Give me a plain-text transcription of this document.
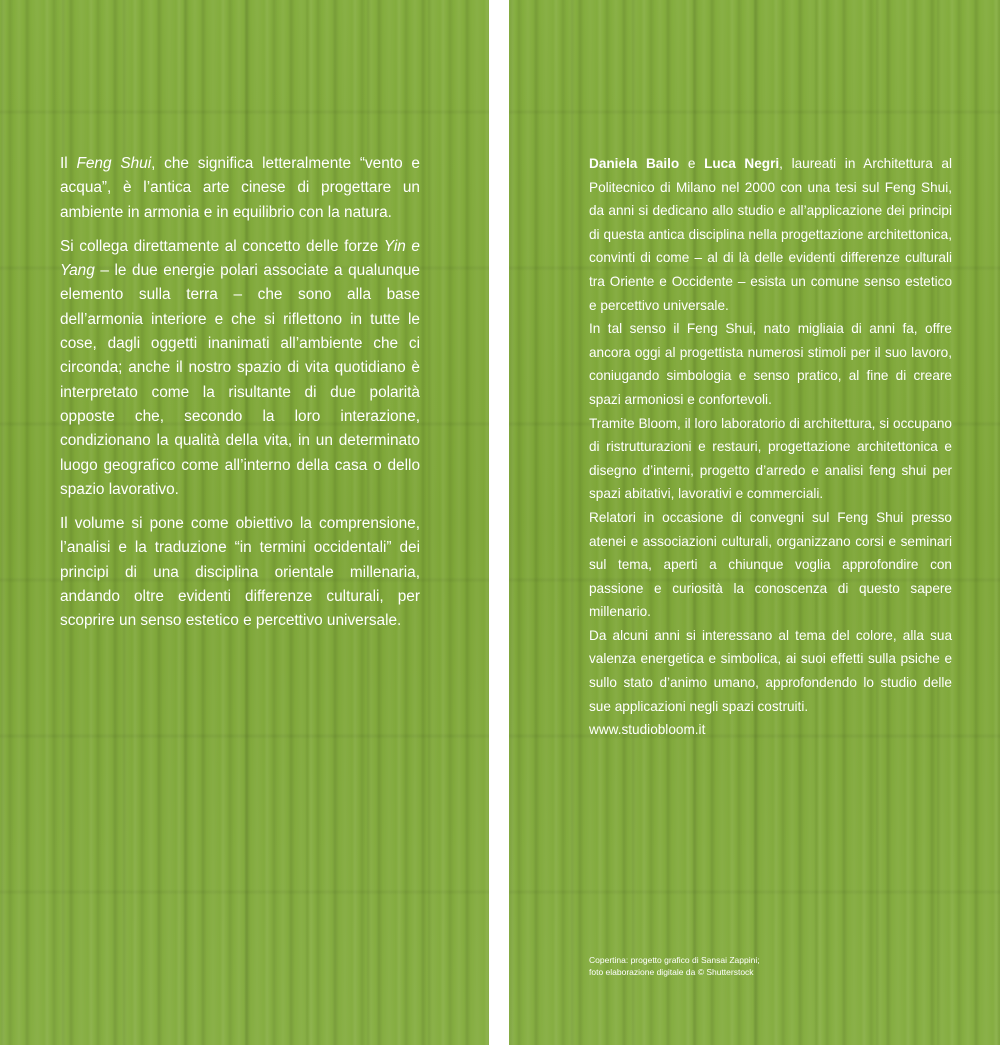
Il Feng Shui, che significa letteralmente “vento e acqua”, è l’antica arte cinese di progettare un ambiente in armonia e in equilibrio con la natura.

Si collega direttamente al concetto delle forze Yin e Yang – le due energie polari associate a qualunque elemento sulla terra – che sono alla base dell’armonia interiore e che si riflettono in tutte le cose, dagli oggetti inanimati all’ambiente che ci circonda; anche il nostro spazio di vita quotidiano è interpretato come la risultante di due polarità opposte che, secondo la loro interazione, condizionano la qualità della vita, in un determinato luogo geografico come all’interno della casa o dello spazio lavorativo.

Il volume si pone come obiettivo la comprensione, l’analisi e la traduzione “in termini occidentali” dei principi di una disciplina orientale millenaria, andando oltre evidenti differenze culturali, per scoprire un senso estetico e percettivo universale.

Daniela Bailo e Luca Negri, laureati in Architettura al Politecnico di Milano nel 2000 con una tesi sul Feng Shui, da anni si dedicano allo studio e all’applicazione dei principi di questa antica disciplina nella progettazione architettonica, convinti di come – al di là delle evidenti differenze culturali tra Oriente e Occidente – esista un comune senso estetico e percettivo universale.

In tal senso il Feng Shui, nato migliaia di anni fa, offre ancora oggi al progettista numerosi stimoli per il suo lavoro, coniugando simbologia e senso pratico, al fine di creare spazi armoniosi e confortevoli.

Tramite Bloom, il loro laboratorio di architettura, si occupano di ristrutturazioni e restauri, progettazione architettonica e disegno d’interni, progetto d’arredo e analisi feng shui per spazi abitativi, lavorativi e commerciali.

Relatori in occasione di convegni sul Feng Shui presso atenei e associazioni culturali, organizzano corsi e seminari sul tema, aperti a chiunque voglia approfondire con passione e curiosità la conoscenza di questo sapere millenario.

Da alcuni anni si interessano al tema del colore, alla sua valenza energetica e simbolica, ai suoi effetti sulla psiche e sullo stato d’animo umano, approfondendo lo studio delle sue applicazioni negli spazi costruiti.

www.studiobloom.it

Copertina: progetto grafico di Sansai Zappini;
foto elaborazione digitale da © Shutterstock
